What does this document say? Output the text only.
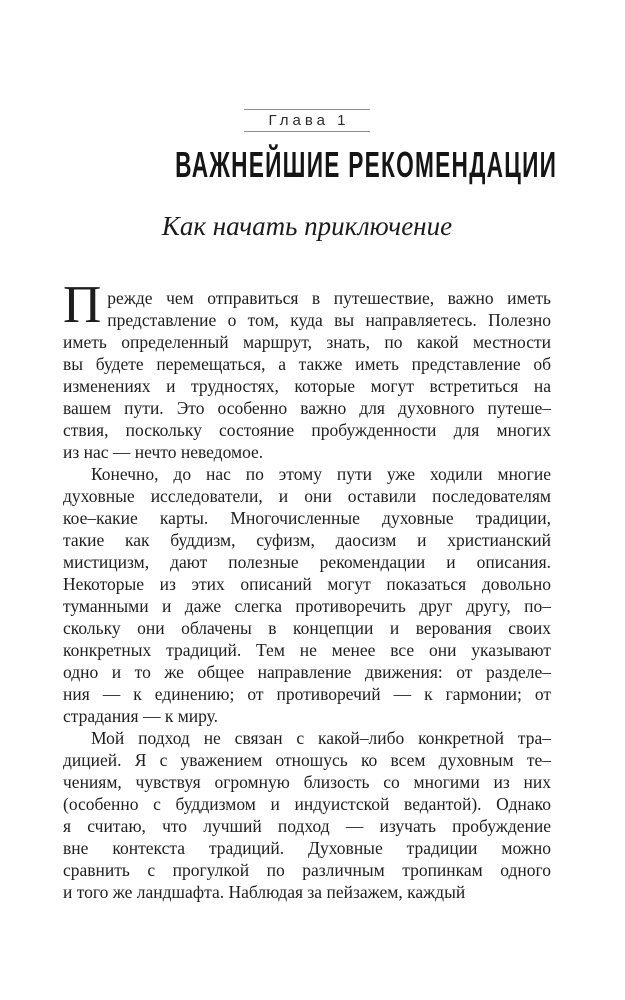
Глава 1
ВАЖНЕЙШИЕ РЕКОМЕНДАЦИИ
Как начать приключение
П режде чем отправиться в путешествие, важно иметь
представление о том, куда вы направляетесь. Полезно
иметь определенный маршрут, знать, по какой местности
вы будете перемещаться, а также иметь представление об
изменениях и трудностях, которые могут встретиться на
вашем пути. Это особенно важно для духовного путеше–
ствия, поскольку состояние пробужденности для многих
из нас — нечто неведомое.
Конечно, до нас по этому пути уже ходили многие
духовные исследователи, и они оставили последователям
кое–какие карты. Многочисленные духовные традиции,
такие как буддизм, суфизм, даосизм и христианский
мистицизм, дают полезные рекомендации и описания.
Некоторые из этих описаний могут показаться довольно
туманными и даже слегка противоречить друг другу, по–
скольку они облачены в концепции и верования своих
конкретных традиций. Тем не менее все они указывают
одно и то же общее направление движения: от разделе–
ния — к единению; от противоречий — к гармонии; от
страдания — к миру.
Мой подход не связан с какой–либо конкретной тра–
дицией. Я с уважением отношусь ко всем духовным те–
чениям, чувствуя огромную близость со многими из них
(особенно с буддизмом и индуистской ведантой). Однако
я считаю, что лучший подход — изучать пробуждение
вне контекста традиций. Духовные традиции можно
сравнить с прогулкой по различным тропинкам одного
и того же ландшафта. Наблюдая за пейзажем, каждый
